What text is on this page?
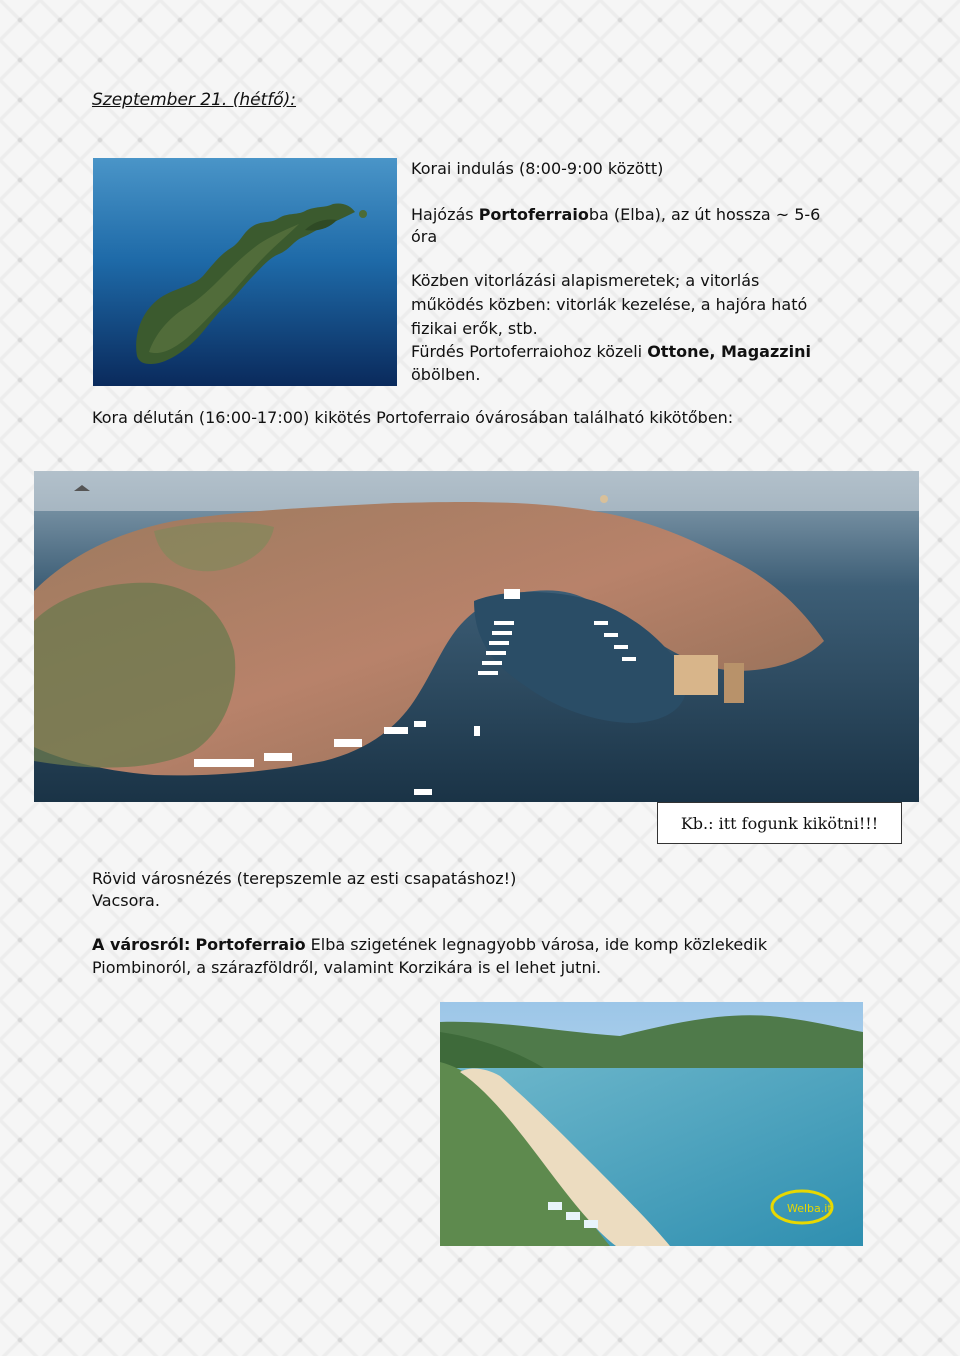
Szeptember 21. (hétfő):
Korai indulás (8:00-9:00 között)
Hajózás Portoferraioba (Elba), az út hossza ~ 5-6 óra
Közben vitorlázási alapismeretek; a vitorlás
működés közben: vitorlák kezelése, a hajóra ható
fizikai erők, stb.
Fürdés Portoferraiohoz közeli Ottone, Magazzini
öbölben.
Kora délután (16:00-17:00) kikötés Portoferraio óvárosában található kikötőben:
Kb.: itt fogunk kikötni!!!
Rövid városnézés (terepszemle az esti csapatáshoz!)
Vacsora.
A városról: Portoferraio Elba szigetének legnagyobb városa, ide komp közlekedik
Piombinoról, a szárazföldről, valamint Korzikára is el lehet jutni.
Welba.it
